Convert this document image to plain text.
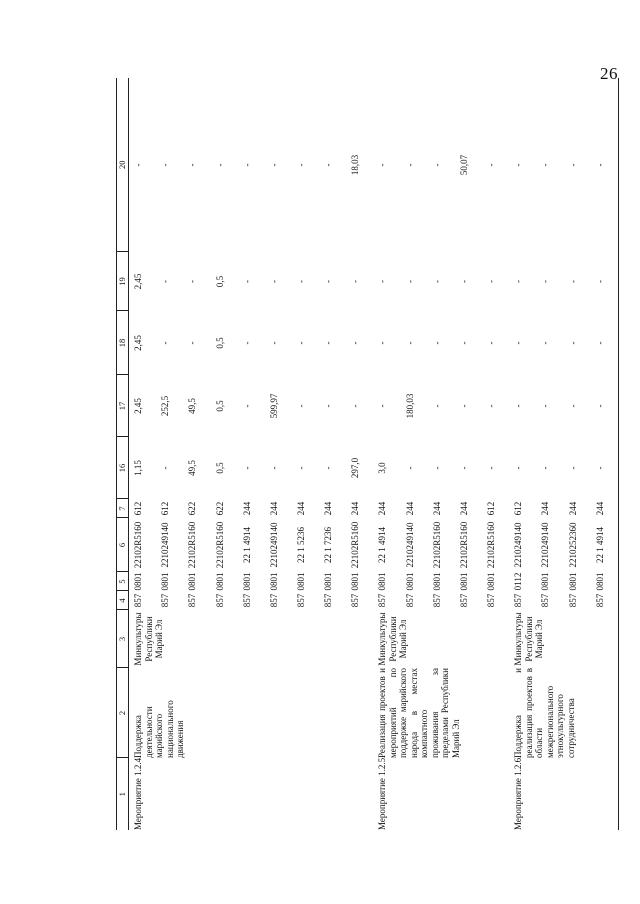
26
1	2	3	4	5	6	7	16	17	18	19	20
Мероприятие 1.2.4.	Поддержка деятельности марийского национального движения	Минкультуры Республики Марий Эл	857	0801	22102R5160	612	1,15	2,45	2,45	2,45	-
			857	0801	2210249140	612	-	252,5	-	-	-
			857	0801	22102R5160	622	49,5	49,5	-	-	-
			857	0801	22102R5160	622	0,5	0,5	0,5	0,5	-
			857	0801	22 1 4914	244	-	-	-	-	-
			857	0801	2210249140	244	-	599,97	-	-	-
			857	0801	22 1 5236	244	-	-	-	-	-
			857	0801	22 1 7236	244	-	-	-	-	-
			857	0801	22102R5160	244	297,0	-	-	-	18,03
Мероприятие 1.2.5.	Реализация проектов и мероприятий по поддержке марийского народа в местах компактного проживания за пределами Республики Марий Эл	Минкультуры Республики Марий Эл	857	0801	22 1 4914	244	3,0	-	-	-	-
			857	0801	2210249140	244	-	180,03	-	-	-
			857	0801	22102R5160	244	-	-	-	-	-
			857	0801	22102R5160	244	-	-	-	-	50,07
			857	0801	22102R5160	612	-	-	-	-	-
Мероприятие 1.2.6.	Поддержка и реализация проектов в области межрегионального этнокультурного сотрудничества	Минкультуры Республики Марий Эл	857	0112	2210249140	612	-	-	-	-	-
			857	0801	2210249140	244	-	-	-	-	-
			857	0801	2210252360	244	-	-	-	-	-
			857	0801	22 1 4914	244	-	-	-	-	-
